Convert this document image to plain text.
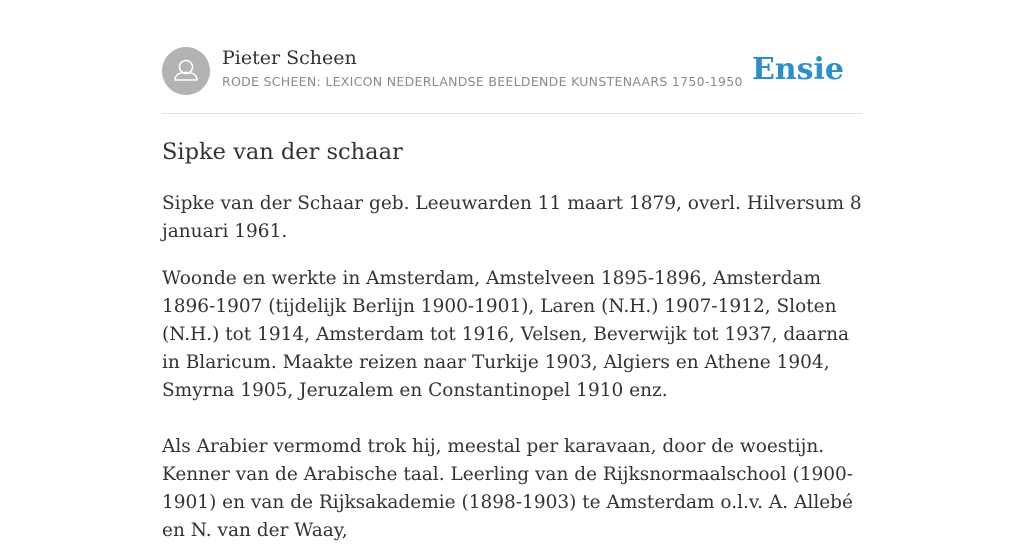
Pieter Scheen
RODE SCHEEN: LEXICON NEDERLANDSE BEELDENDE KUNSTENAARS 1750-1950 Ensie
Sipke van der schaar

Sipke van der Schaar geb. Leeuwarden 11 maart 1879, overl. Hilversum 8 januari 1961.

Woonde en werkte in Amsterdam, Amstelveen 1895-1896, Amsterdam 1896-1907 (tijdelijk Berlijn 1900-1901), Laren (N.H.) 1907-1912, Sloten (N.H.) tot 1914, Amsterdam tot 1916, Velsen, Beverwijk tot 1937, daarna in Blaricum. Maakte reizen naar Turkije 1903, Algiers en Athene 1904, Smyrna 1905, Jeruzalem en Constantinopel 1910 enz.

Als Arabier vermomd trok hij, meestal per karavaan, door de woestijn. Kenner van de Arabische taal. Leerling van de Rijksnormaalschool (1900-1901) en van de Rijksakademie (1898-1903) te Amsterdam o.l.v. A. Allebé en N. van der Waay,
